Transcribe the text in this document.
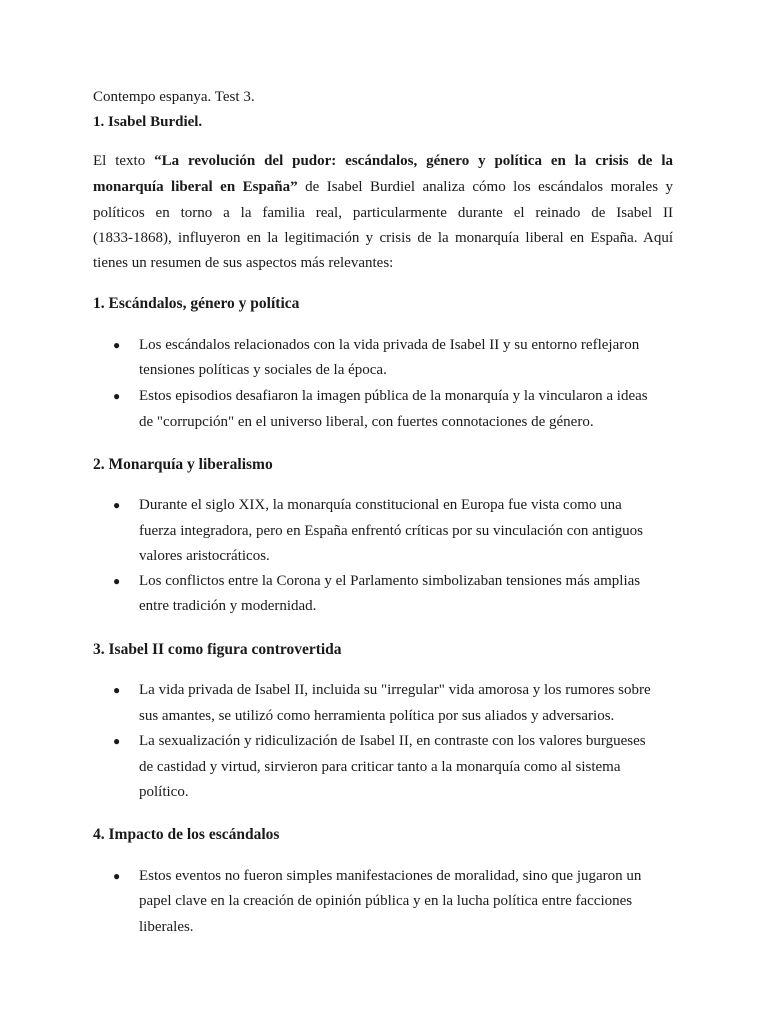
Contempo espanya. Test 3.
1. Isabel Burdiel.
El texto “La revolución del pudor: escándalos, género y política en la crisis de la
monarquía liberal en España” de Isabel Burdiel analiza cómo los escándalos morales y
políticos en torno a la familia real, particularmente durante el reinado de Isabel II
(1833-1868), influyeron en la legitimación y crisis de la monarquía liberal en España. Aquí
tienes un resumen de sus aspectos más relevantes:
1. Escándalos, género y política
● Los escándalos relacionados con la vida privada de Isabel II y su entorno reflejaron
tensiones políticas y sociales de la época.
● Estos episodios desafiaron la imagen pública de la monarquía y la vincularon a ideas
de "corrupción" en el universo liberal, con fuertes connotaciones de género.
2. Monarquía y liberalismo
● Durante el siglo XIX, la monarquía constitucional en Europa fue vista como una
fuerza integradora, pero en España enfrentó críticas por su vinculación con antiguos
valores aristocráticos.
● Los conflictos entre la Corona y el Parlamento simbolizaban tensiones más amplias
entre tradición y modernidad.
3. Isabel II como figura controvertida
● La vida privada de Isabel II, incluida su "irregular" vida amorosa y los rumores sobre
sus amantes, se utilizó como herramienta política por sus aliados y adversarios.
● La sexualización y ridiculización de Isabel II, en contraste con los valores burgueses
de castidad y virtud, sirvieron para criticar tanto a la monarquía como al sistema
político.
4. Impacto de los escándalos
● Estos eventos no fueron simples manifestaciones de moralidad, sino que jugaron un
papel clave en la creación de opinión pública y en la lucha política entre facciones
liberales.
